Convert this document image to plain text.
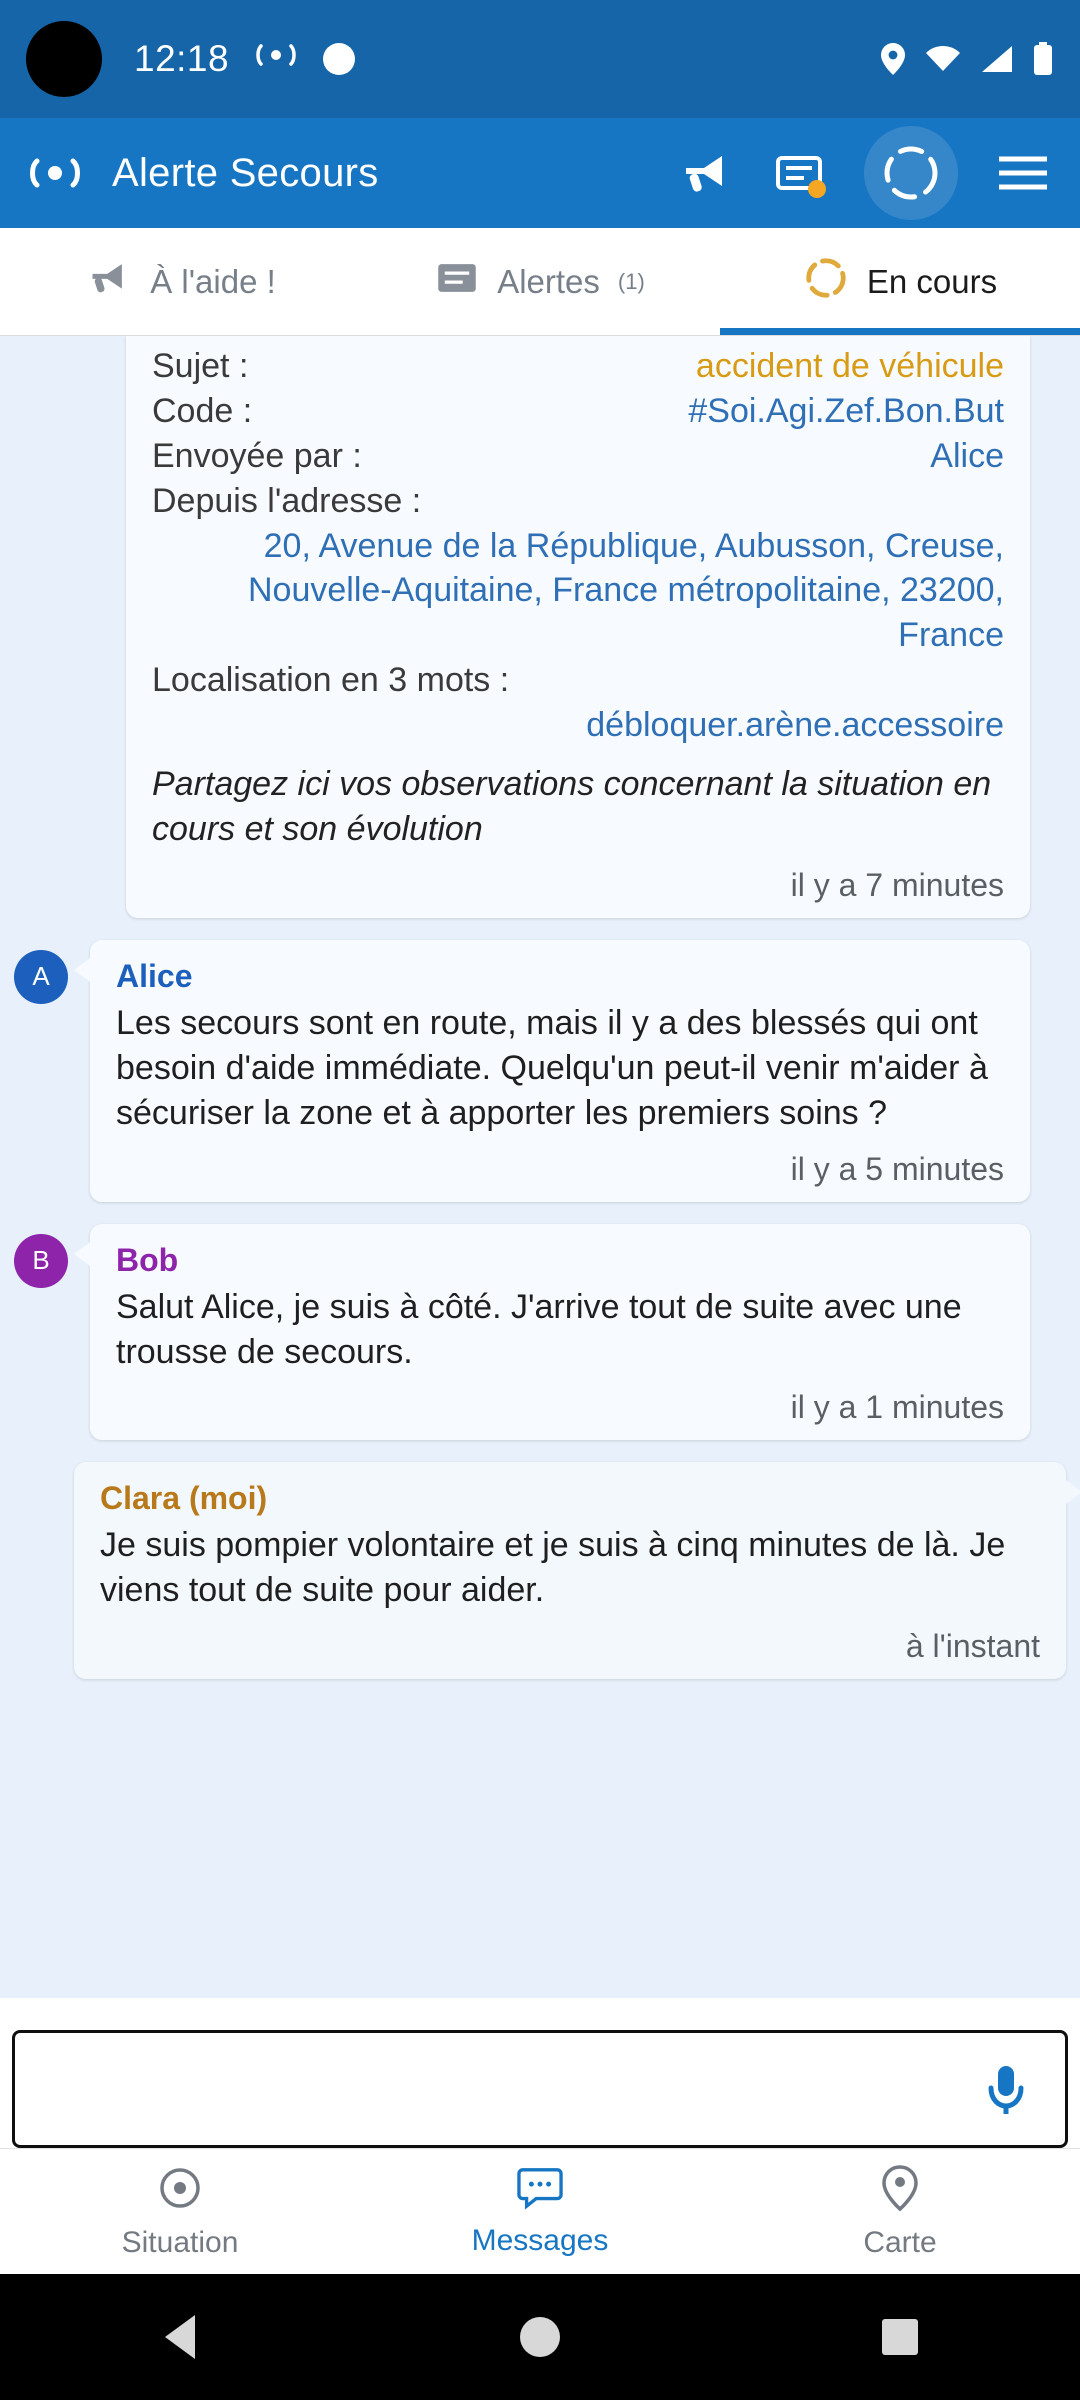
12:18
Alerte Secours
À l'aide !	Alertes (1)	En cours
Sujet :	accident de véhicule
Code :	#Soi.Agi.Zef.Bon.But
Envoyée par :	Alice
Depuis l'adresse :
20, Avenue de la République, Aubusson, Creuse, Nouvelle-Aquitaine, France métropolitaine, 23200, France
Localisation en 3 mots :
débloquer.arène.accessoire
Partagez ici vos observations concernant la situation en cours et son évolution
il y a 7 minutes
A	Alice
Les secours sont en route, mais il y a des blessés qui ont besoin d'aide immédiate. Quelqu'un peut-il venir m'aider à sécuriser la zone et à apporter les premiers soins ?
il y a 5 minutes
B	Bob
Salut Alice, je suis à côté. J'arrive tout de suite avec une trousse de secours.
il y a 1 minutes
Clara (moi)
Je suis pompier volontaire et je suis à cinq minutes de là. Je viens tout de suite pour aider.
à l'instant
Situation	Messages	Carte
